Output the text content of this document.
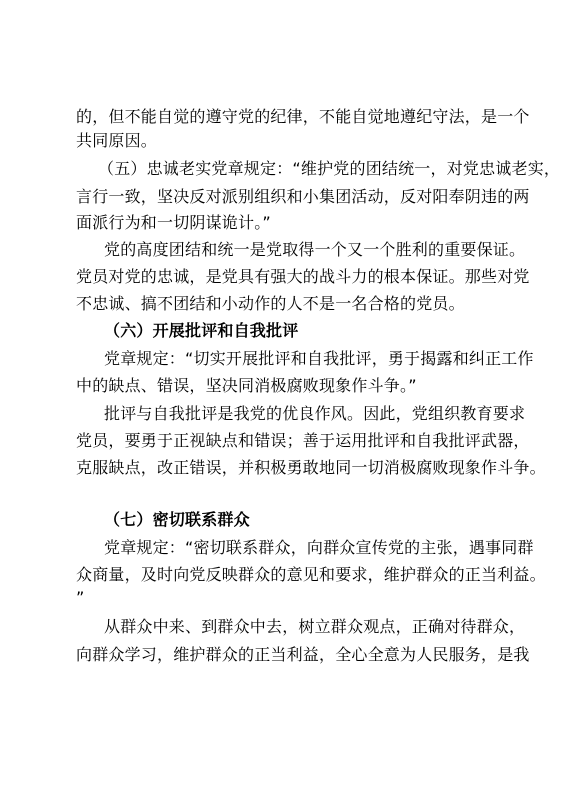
的，但不能自觉的遵守党的纪律，不能自觉地遵纪守法，是一个
共同原因。
（五）忠诚老实党章规定：“维护党的团结统一，对党忠诚老实，
言行一致，坚决反对派别组织和小集团活动，反对阳奉阴违的两
面派行为和一切阴谋诡计。”
党的高度团结和统一是党取得一个又一个胜利的重要保证。
党员对党的忠诚，是党具有强大的战斗力的根本保证。那些对党
不忠诚、搞不团结和小动作的人不是一名合格的党员。
（六）开展批评和自我批评
党章规定：“切实开展批评和自我批评，勇于揭露和纠正工作
中的缺点、错误，坚决同消极腐败现象作斗争。”
批评与自我批评是我党的优良作风。因此，党组织教育要求
党员，要勇于正视缺点和错误；善于运用批评和自我批评武器，
克服缺点，改正错误，并积极勇敢地同一切消极腐败现象作斗争。
（七）密切联系群众
党章规定：“密切联系群众，向群众宣传党的主张，遇事同群
众商量，及时向党反映群众的意见和要求，维护群众的正当利益。
”
从群众中来、到群众中去，树立群众观点，正确对待群众，
向群众学习，维护群众的正当利益，全心全意为人民服务，是我
